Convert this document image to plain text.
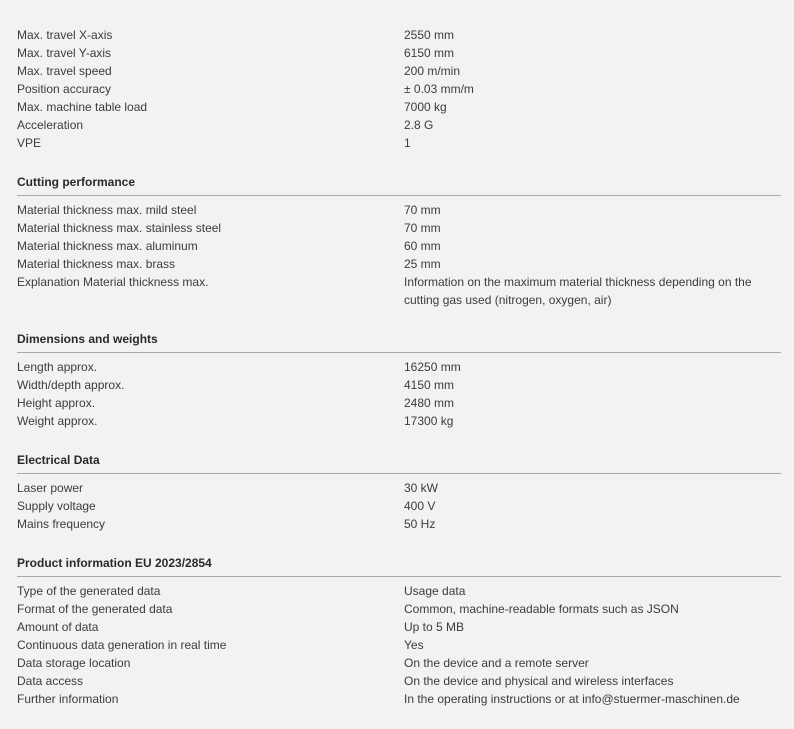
Max. travel X-axis	2550 mm
Max. travel Y-axis	6150 mm
Max. travel speed	200 m/min
Position accuracy	± 0.03 mm/m
Max. machine table load	7000 kg
Acceleration	2.8 G
VPE	1
Cutting performance
Material thickness max. mild steel	70 mm
Material thickness max. stainless steel	70 mm
Material thickness max. aluminum	60 mm
Material thickness max. brass	25 mm
Explanation Material thickness max.	Information on the maximum material thickness depending on the cutting gas used (nitrogen, oxygen, air)
Dimensions and weights
Length approx.	16250 mm
Width/depth approx.	4150 mm
Height approx.	2480 mm
Weight approx.	17300 kg
Electrical Data
Laser power	30 kW
Supply voltage	400 V
Mains frequency	50 Hz
Product information EU 2023/2854
Type of the generated data	Usage data
Format of the generated data	Common, machine-readable formats such as JSON
Amount of data	Up to 5 MB
Continuous data generation in real time	Yes
Data storage location	On the device and a remote server
Data access	On the device and physical and wireless interfaces
Further information	In the operating instructions or at info@stuermer-maschinen.de
